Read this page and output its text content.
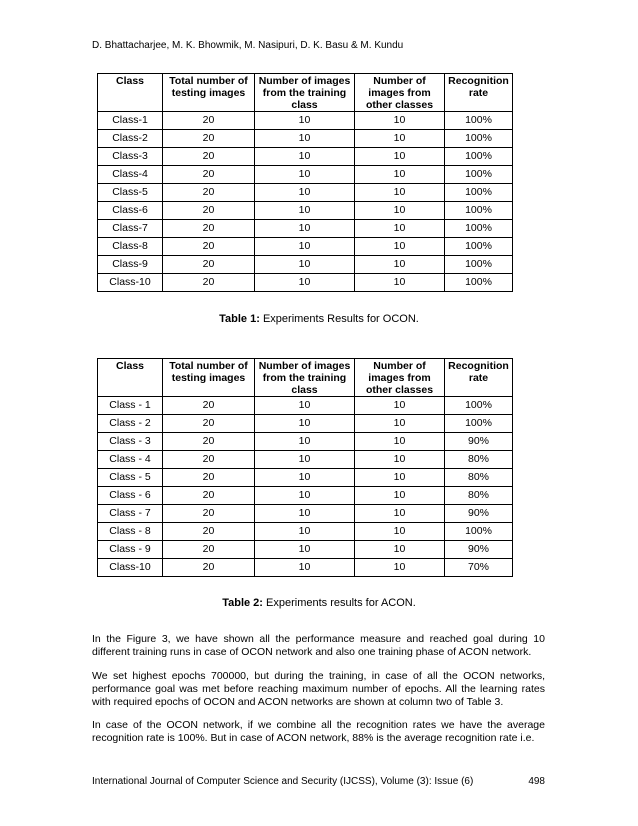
D. Bhattacharjee, M. K. Bhowmik, M. Nasipuri, D. K. Basu & M. Kundu
Class	Total number of testing images	Number of images from the training class	Number of images from other classes	Recognition rate
Class-1	20	10	10	100%
Class-2	20	10	10	100%
Class-3	20	10	10	100%
Class-4	20	10	10	100%
Class-5	20	10	10	100%
Class-6	20	10	10	100%
Class-7	20	10	10	100%
Class-8	20	10	10	100%
Class-9	20	10	10	100%
Class-10	20	10	10	100%
Table 1: Experiments Results for OCON.
Class	Total number of testing images	Number of images from the training class	Number of images from other classes	Recognition rate
Class - 1	20	10	10	100%
Class - 2	20	10	10	100%
Class - 3	20	10	10	90%
Class - 4	20	10	10	80%
Class - 5	20	10	10	80%
Class - 6	20	10	10	80%
Class - 7	20	10	10	90%
Class - 8	20	10	10	100%
Class - 9	20	10	10	90%
Class-10	20	10	10	70%
Table 2: Experiments results for ACON.

In the Figure 3, we have shown all the performance measure and reached goal during 10 different training runs in case of OCON network and also one training phase of ACON network.

We set highest epochs 700000, but during the training, in case of all the OCON networks, performance goal was met before reaching maximum number of epochs. All the learning rates with required epochs of OCON and ACON networks are shown at column two of Table 3.

In case of the OCON network, if we combine all the recognition rates we have the average recognition rate is 100%. But in case of ACON network, 88% is the average recognition rate i.e.

International Journal of Computer Science and Security (IJCSS), Volume (3): Issue (6)	498
